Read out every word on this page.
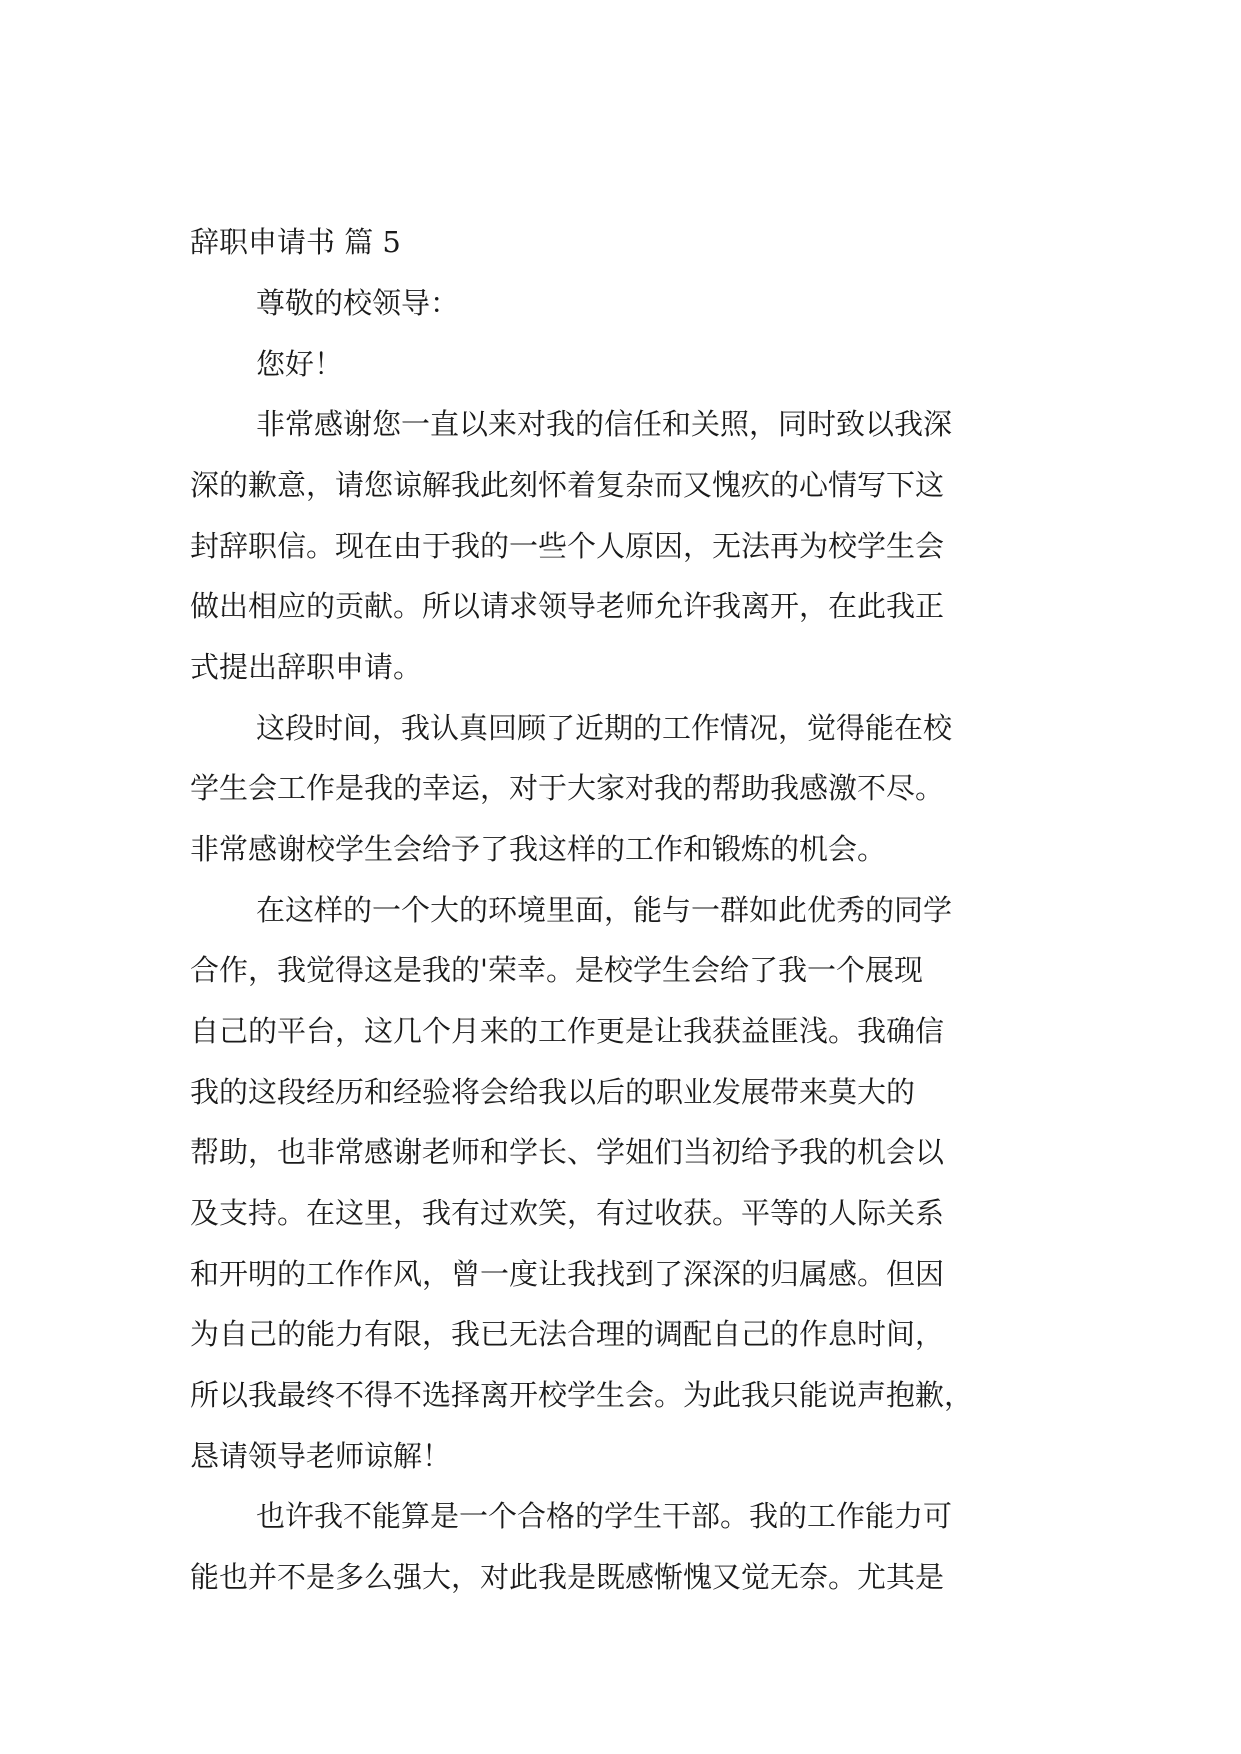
辞职申请书 篇 5
尊敬的校领导：
您好！
非常感谢您一直以来对我的信任和关照，同时致以我深
深的歉意，请您谅解我此刻怀着复杂而又愧疚的心情写下这
封辞职信。现在由于我的一些个人原因，无法再为校学生会
做出相应的贡献。所以请求领导老师允许我离开，在此我正
式提出辞职申请。
这段时间，我认真回顾了近期的工作情况，觉得能在校
学生会工作是我的幸运，对于大家对我的帮助我感激不尽。
非常感谢校学生会给予了我这样的工作和锻炼的机会。
在这样的一个大的环境里面，能与一群如此优秀的同学
合作，我觉得这是我的'荣幸。是校学生会给了我一个展现
自己的平台，这几个月来的工作更是让我获益匪浅。我确信
我的这段经历和经验将会给我以后的职业发展带来莫大的
帮助，也非常感谢老师和学长、学姐们当初给予我的机会以
及支持。在这里，我有过欢笑，有过收获。平等的人际关系
和开明的工作作风，曾一度让我找到了深深的归属感。但因
为自己的能力有限，我已无法合理的调配自己的作息时间，
所以我最终不得不选择离开校学生会。为此我只能说声抱歉，
恳请领导老师谅解！
也许我不能算是一个合格的学生干部。我的工作能力可
能也并不是多么强大，对此我是既感惭愧又觉无奈。尤其是
